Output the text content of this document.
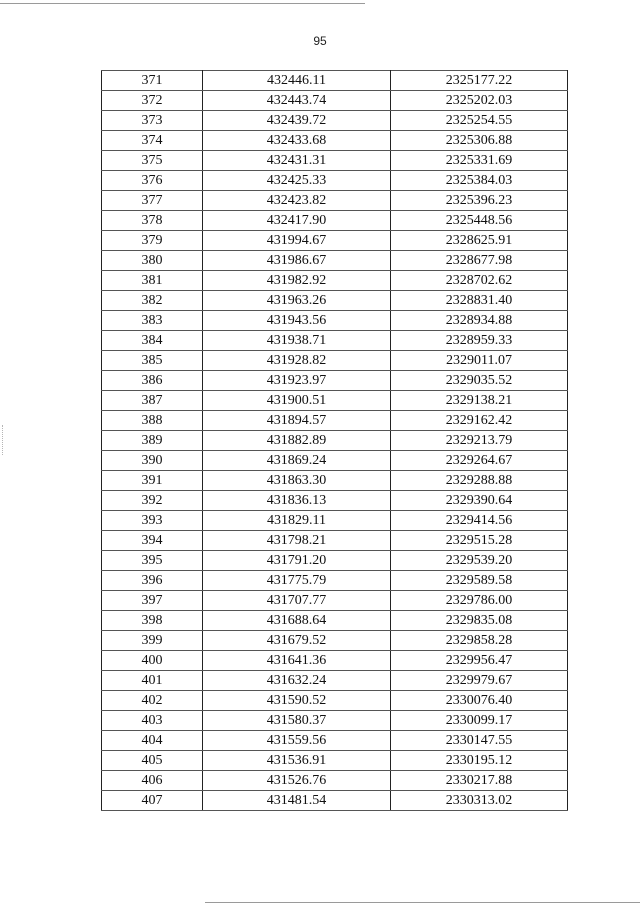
95
371	432446.11	2325177.22
372	432443.74	2325202.03
373	432439.72	2325254.55
374	432433.68	2325306.88
375	432431.31	2325331.69
376	432425.33	2325384.03
377	432423.82	2325396.23
378	432417.90	2325448.56
379	431994.67	2328625.91
380	431986.67	2328677.98
381	431982.92	2328702.62
382	431963.26	2328831.40
383	431943.56	2328934.88
384	431938.71	2328959.33
385	431928.82	2329011.07
386	431923.97	2329035.52
387	431900.51	2329138.21
388	431894.57	2329162.42
389	431882.89	2329213.79
390	431869.24	2329264.67
391	431863.30	2329288.88
392	431836.13	2329390.64
393	431829.11	2329414.56
394	431798.21	2329515.28
395	431791.20	2329539.20
396	431775.79	2329589.58
397	431707.77	2329786.00
398	431688.64	2329835.08
399	431679.52	2329858.28
400	431641.36	2329956.47
401	431632.24	2329979.67
402	431590.52	2330076.40
403	431580.37	2330099.17
404	431559.56	2330147.55
405	431536.91	2330195.12
406	431526.76	2330217.88
407	431481.54	2330313.02
